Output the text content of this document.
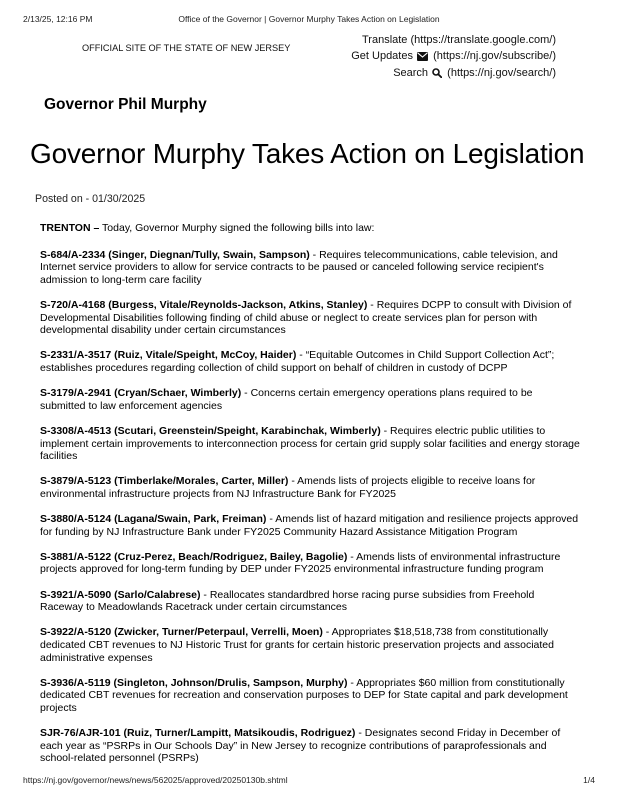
2/13/25, 12:16 PM	Office of the Governor | Governor Murphy Takes Action on Legislation
OFFICIAL SITE OF THE STATE OF NEW JERSEY
Translate (https://translate.google.com/)
Get Updates (https://nj.gov/subscribe/)
Search (https://nj.gov/search/)
Governor Phil Murphy
Governor Murphy Takes Action on Legislation
Posted on - 01/30/2025

TRENTON – Today, Governor Murphy signed the following bills into law:

S-684/A-2334 (Singer, Diegnan/Tully, Swain, Sampson) - Requires telecommunications, cable television, and Internet service providers to allow for service contracts to be paused or canceled following service recipient's admission to long-term care facility

S-720/A-4168 (Burgess, Vitale/Reynolds-Jackson, Atkins, Stanley) - Requires DCPP to consult with Division of Developmental Disabilities following finding of child abuse or neglect to create services plan for person with developmental disability under certain circumstances

S-2331/A-3517 (Ruiz, Vitale/Speight, McCoy, Haider) - “Equitable Outcomes in Child Support Collection Act”; establishes procedures regarding collection of child support on behalf of children in custody of DCPP

S-3179/A-2941 (Cryan/Schaer, Wimberly) - Concerns certain emergency operations plans required to be submitted to law enforcement agencies

S-3308/A-4513 (Scutari, Greenstein/Speight, Karabinchak, Wimberly) - Requires electric public utilities to implement certain improvements to interconnection process for certain grid supply solar facilities and energy storage facilities

S-3879/A-5123 (Timberlake/Morales, Carter, Miller) - Amends lists of projects eligible to receive loans for environmental infrastructure projects from NJ Infrastructure Bank for FY2025

S-3880/A-5124 (Lagana/Swain, Park, Freiman) - Amends list of hazard mitigation and resilience projects approved for funding by NJ Infrastructure Bank under FY2025 Community Hazard Assistance Mitigation Program

S-3881/A-5122 (Cruz-Perez, Beach/Rodriguez, Bailey, Bagolie) - Amends lists of environmental infrastructure projects approved for long-term funding by DEP under FY2025 environmental infrastructure funding program

S-3921/A-5090 (Sarlo/Calabrese) - Reallocates standardbred horse racing purse subsidies from Freehold Raceway to Meadowlands Racetrack under certain circumstances

S-3922/A-5120 (Zwicker, Turner/Peterpaul, Verrelli, Moen) - Appropriates $18,518,738 from constitutionally dedicated CBT revenues to NJ Historic Trust for grants for certain historic preservation projects and associated administrative expenses

S-3936/A-5119 (Singleton, Johnson/Drulis, Sampson, Murphy) - Appropriates $60 million from constitutionally dedicated CBT revenues for recreation and conservation purposes to DEP for State capital and park development projects

SJR-76/AJR-101 (Ruiz, Turner/Lampitt, Matsikoudis, Rodriguez) - Designates second Friday in December of each year as “PSRPs in Our Schools Day” in New Jersey to recognize contributions of paraprofessionals and school-related personnel (PSRPs)

https://nj.gov/governor/news/news/562025/approved/20250130b.shtml	1/4
